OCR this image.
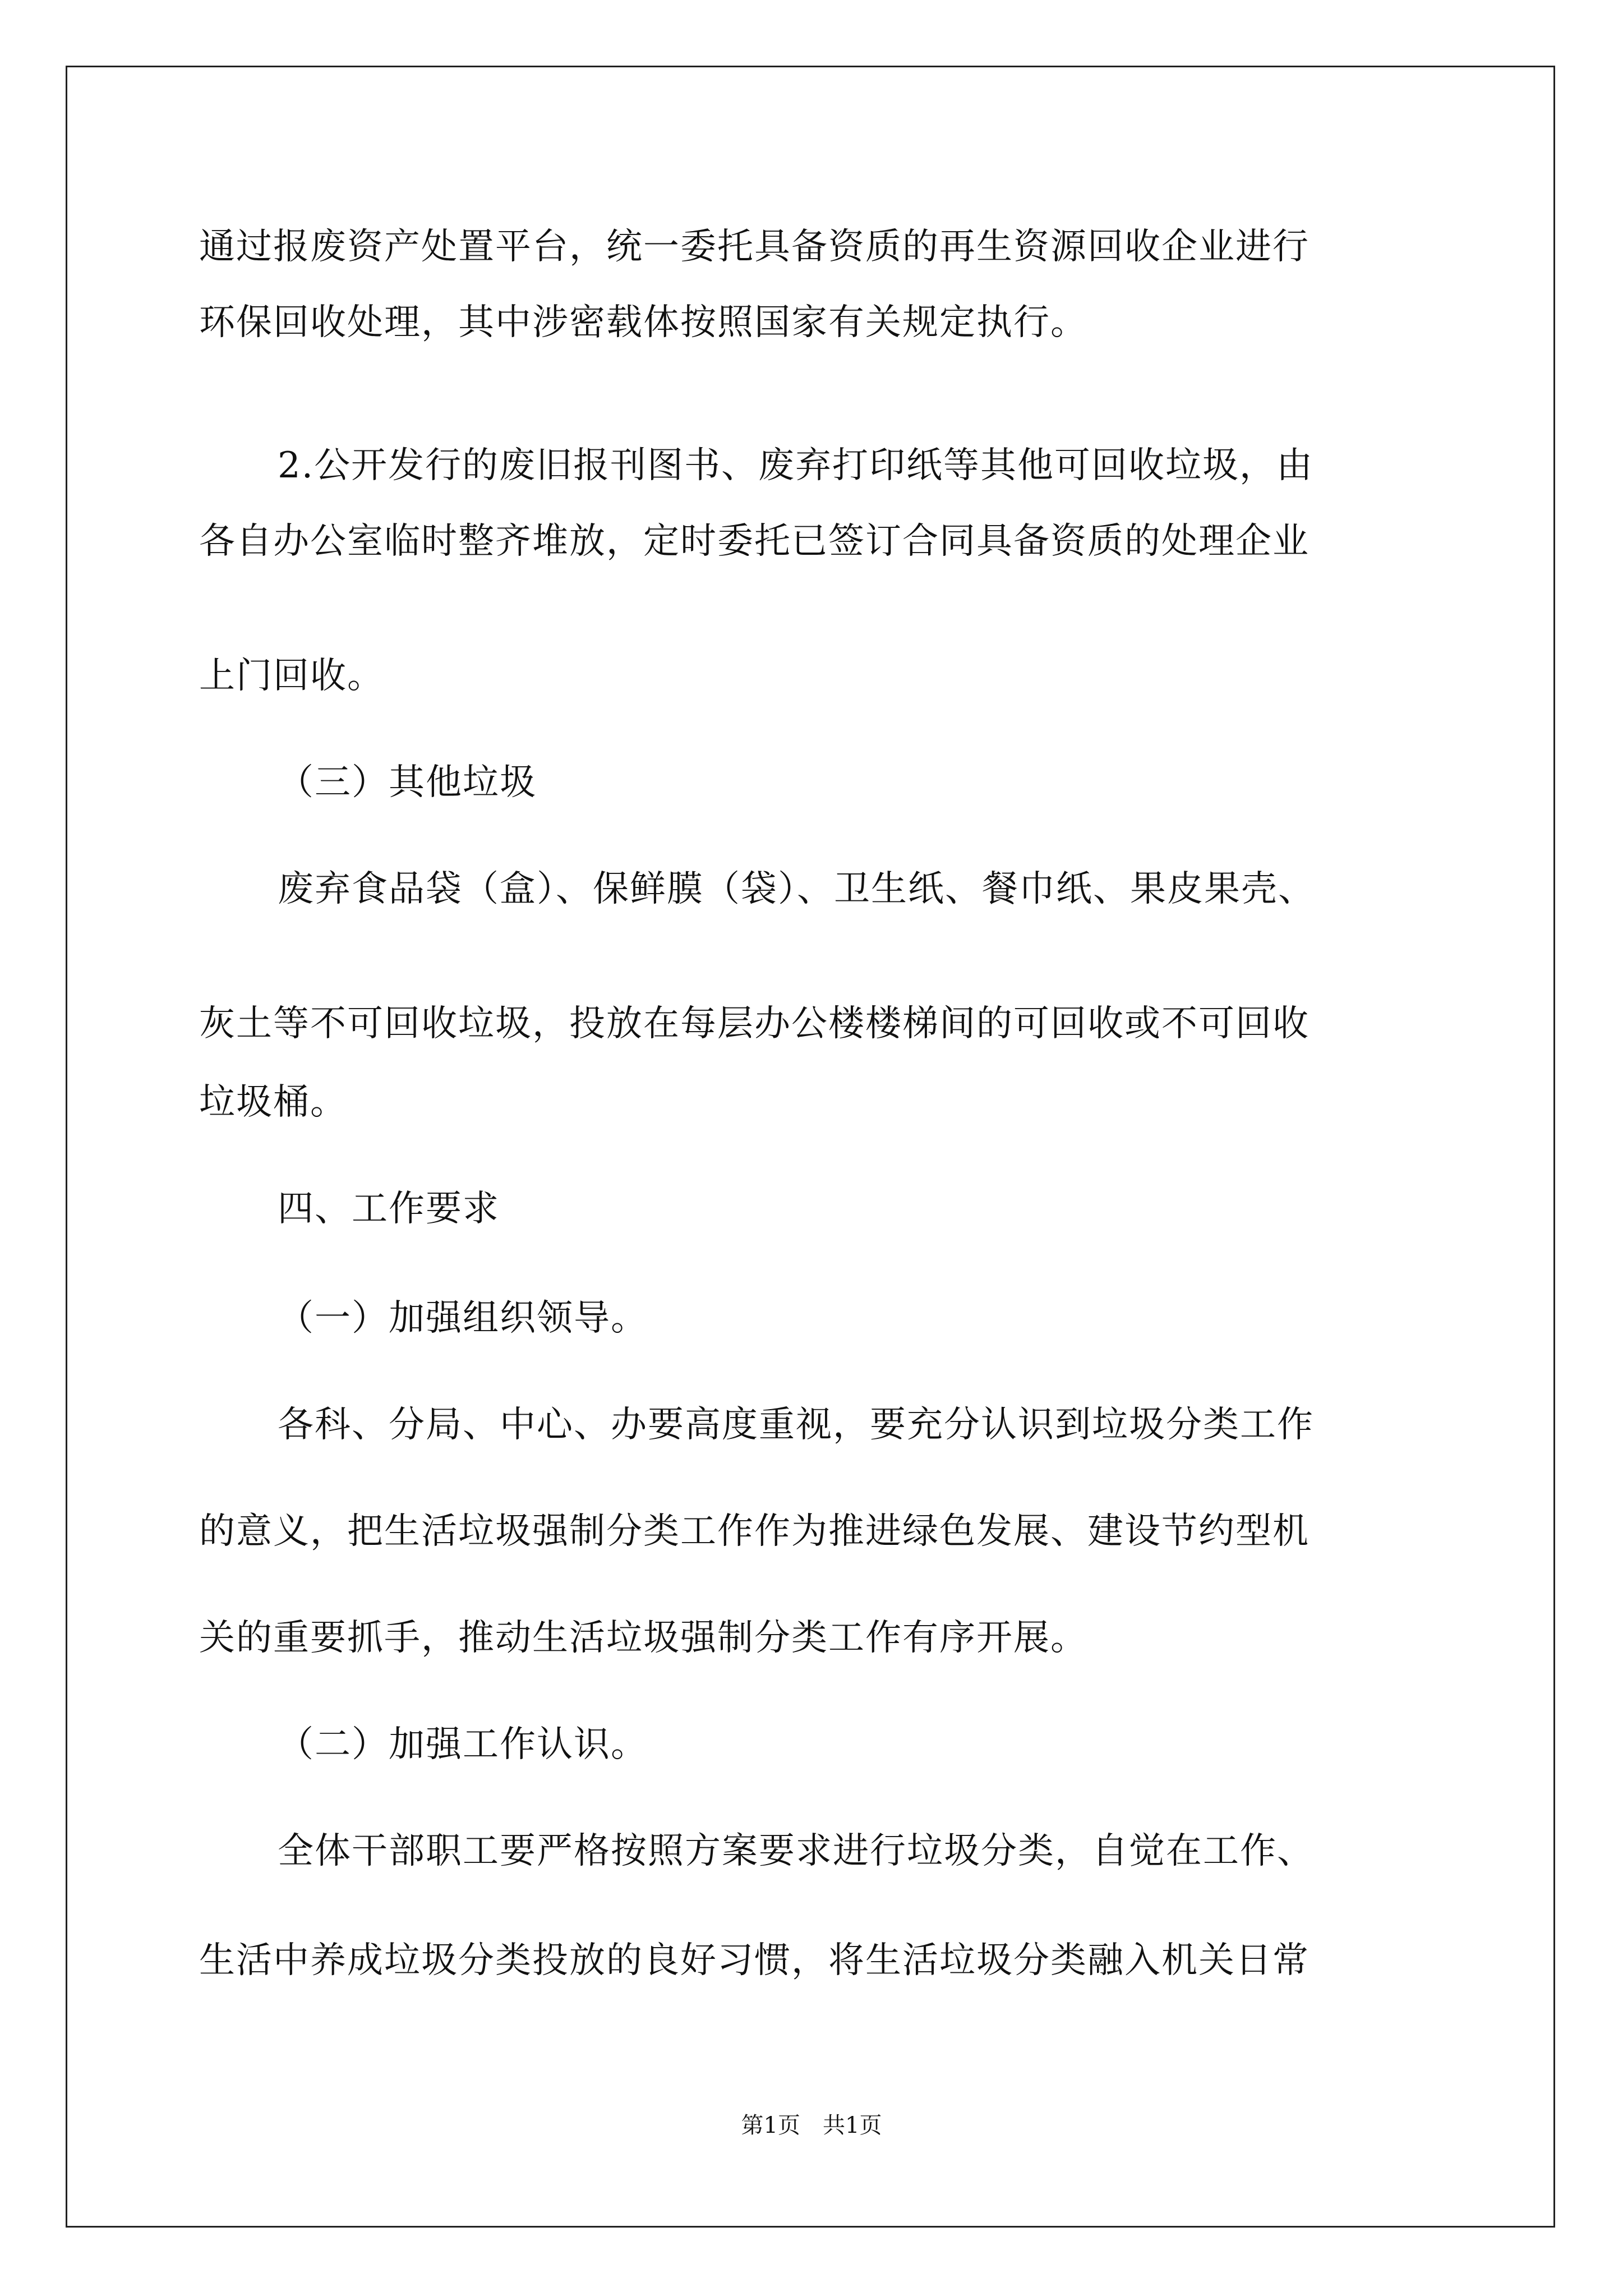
通过报废资产处置平台，统一委托具备资质的再生资源回收企业进行
环保回收处理，其中涉密载体按照国家有关规定执行。
2.公开发行的废旧报刊图书、废弃打印纸等其他可回收垃圾，由
各自办公室临时整齐堆放，定时委托已签订合同具备资质的处理企业
上门回收。
（三）其他垃圾
废弃食品袋（盒）、保鲜膜（袋）、卫生纸、餐巾纸、果皮果壳、
灰土等不可回收垃圾，投放在每层办公楼楼梯间的可回收或不可回收
垃圾桶。
四、工作要求
（一）加强组织领导。
各科、分局、中心、办要高度重视，要充分认识到垃圾分类工作
的意义，把生活垃圾强制分类工作作为推进绿色发展、建设节约型机
关的重要抓手，推动生活垃圾强制分类工作有序开展。
（二）加强工作认识。
全体干部职工要严格按照方案要求进行垃圾分类，自觉在工作、
生活中养成垃圾分类投放的良好习惯，将生活垃圾分类融入机关日常
第1页　共1页
